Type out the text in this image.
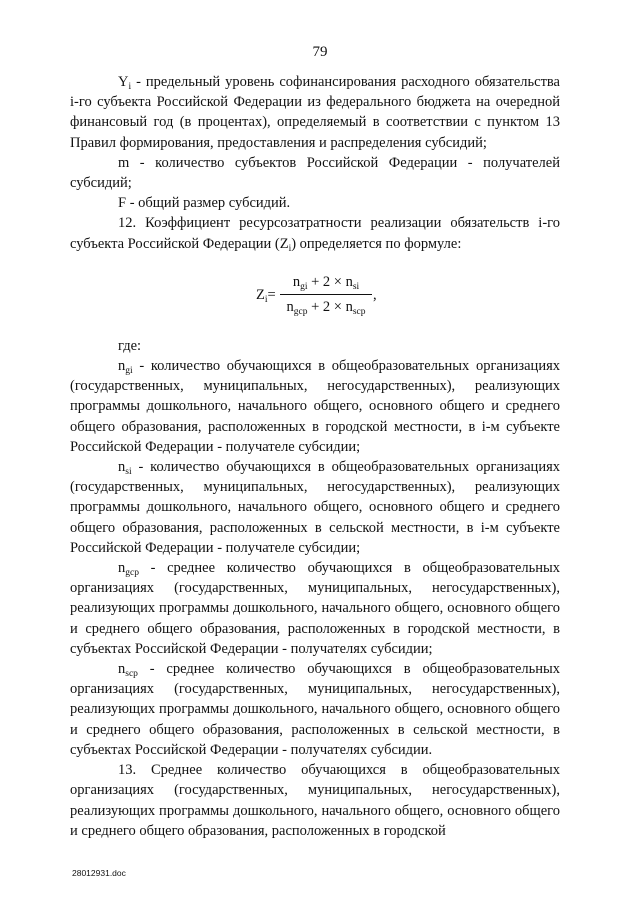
79

$Y_i$ - предельный уровень софинансирования расходного обязательства i-го субъекта Российской Федерации из федерального бюджета на очередной финансовый год (в процентах), определяемый в соответствии с пунктом 13 Правил формирования, предоставления и распределения субсидий;

m - количество субъектов Российской Федерации - получателей субсидий;

F - общий размер субсидий.

12. Коэффициент ресурсозатратности реализации обязательств i-го субъекта Российской Федерации $(Z_i)$ определяется по формуле:

$Z_i=$
$n_{gi} + 2 \times n_{si}$
$n_{gcp} + 2 \times n_{scp}$
,

где:

$n_{gi}$ - количество обучающихся в общеобразовательных организациях (государственных, муниципальных, негосударственных), реализующих программы дошкольного, начального общего, основного общего и среднего общего образования, расположенных в городской местности, в i-м субъекте Российской Федерации - получателе субсидии;

$n_{si}$ - количество обучающихся в общеобразовательных организациях (государственных, муниципальных, негосударственных), реализующих программы дошкольного, начального общего, основного общего и среднего общего образования, расположенных в сельской местности, в i-м субъекте Российской Федерации - получателе субсидии;

$n_{gcp}$ - среднее количество обучающихся в общеобразовательных организациях (государственных, муниципальных, негосударственных), реализующих программы дошкольного, начального общего, основного общего и среднего общего образования, расположенных в городской местности, в субъектах Российской Федерации - получателях субсидии;

$n_{scp}$ - среднее количество обучающихся в общеобразовательных организациях (государственных, муниципальных, негосударственных), реализующих программы дошкольного, начального общего, основного общего и среднего общего образования, расположенных в сельской местности, в субъектах Российской Федерации - получателях субсидии.

13. Среднее количество обучающихся в общеобразовательных организациях (государственных, муниципальных, негосударственных), реализующих программы дошкольного, начального общего, основного общего и среднего общего образования, расположенных в городской

28012931.doc
